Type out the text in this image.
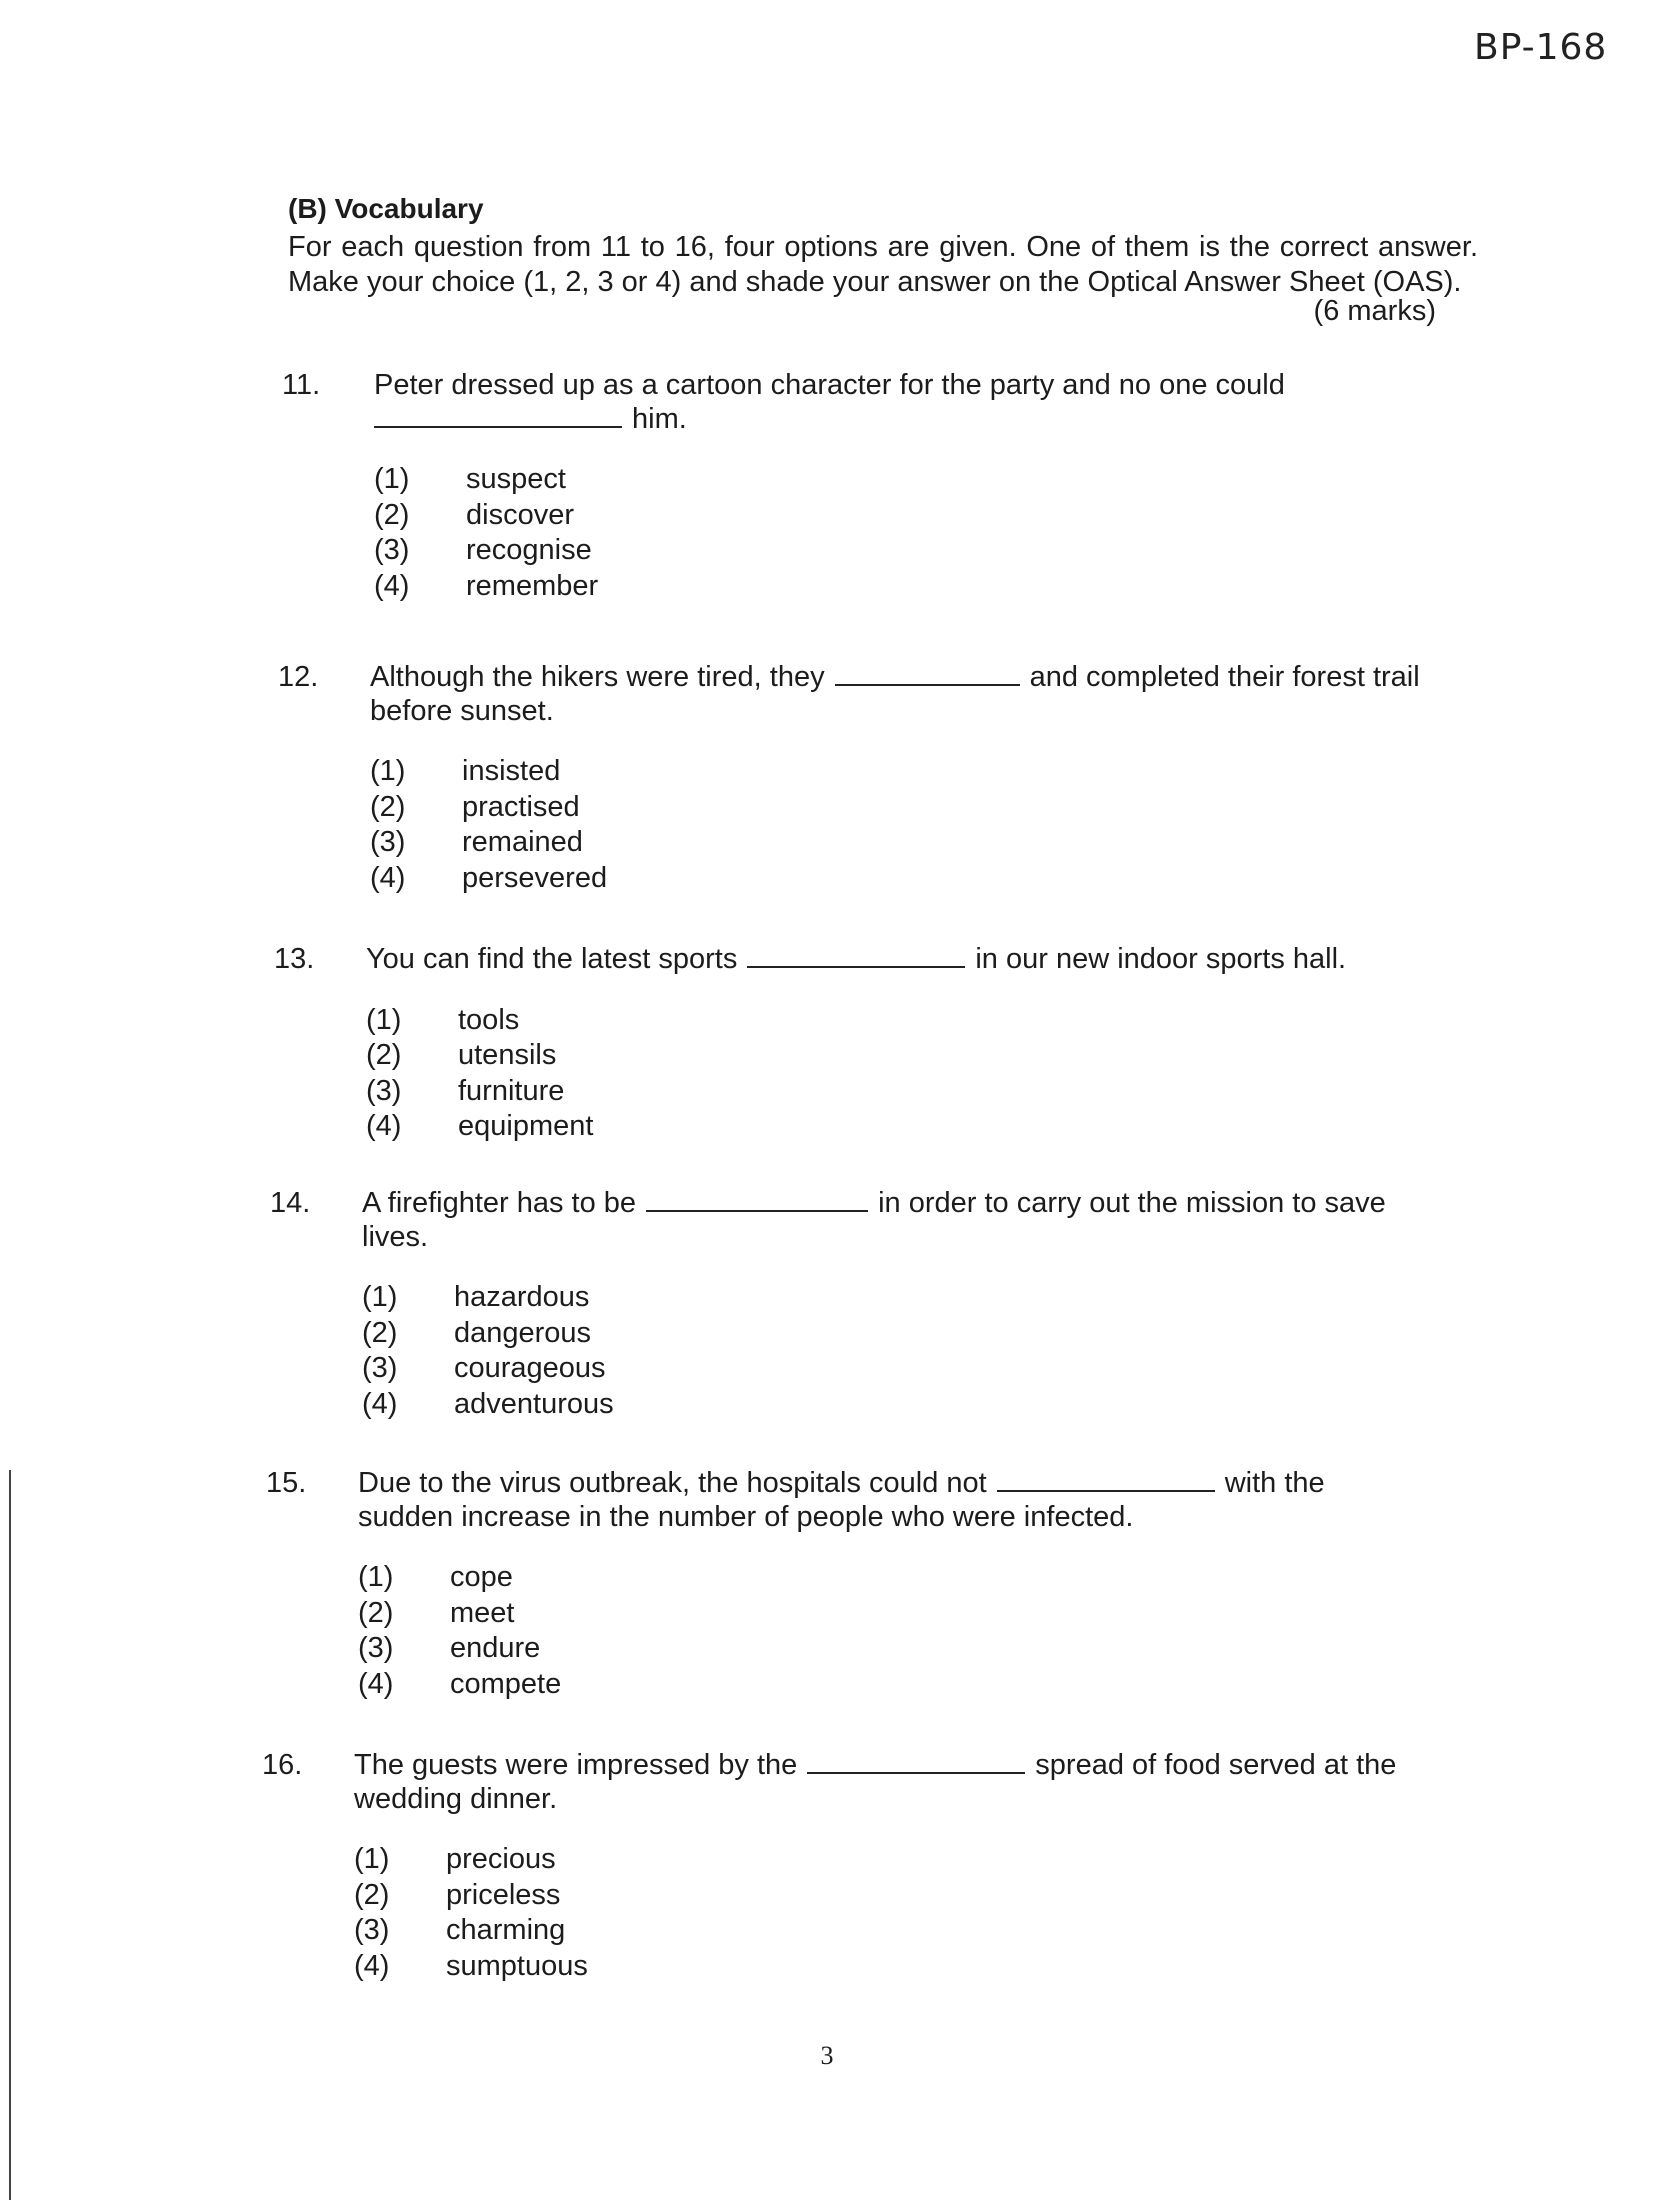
BP-168
(B) Vocabulary

For each question from 11 to 16, four options are given. One of them is the correct answer. Make your choice (1, 2, 3 or 4) and shade your answer on the Optical Answer Sheet (OAS).

(6 marks)
11.	Peter dressed up as a cartoon character for the party and no one could
him.
(1)	suspect
(2)	discover
(3)	recognise
(4)	remember
12.	Although the hikers were tired, they	and completed their forest trail before sunset.
(1)	insisted
(2)	practised
(3)	remained
(4)	persevered
13.	You can find the latest sports	in our new indoor sports hall.
(1)	tools
(2)	utensils
(3)	furniture
(4)	equipment
14.	A firefighter has to be	in order to carry out the mission to save lives.
(1)	hazardous
(2)	dangerous
(3)	courageous
(4)	adventurous
15.	Due to the virus outbreak, the hospitals could not	with the sudden increase in the number of people who were infected.
(1)	cope
(2)	meet
(3)	endure
(4)	compete
16.	The guests were impressed by the	spread of food served at the wedding dinner.
(1)	precious
(2)	priceless
(3)	charming
(4)	sumptuous
3
